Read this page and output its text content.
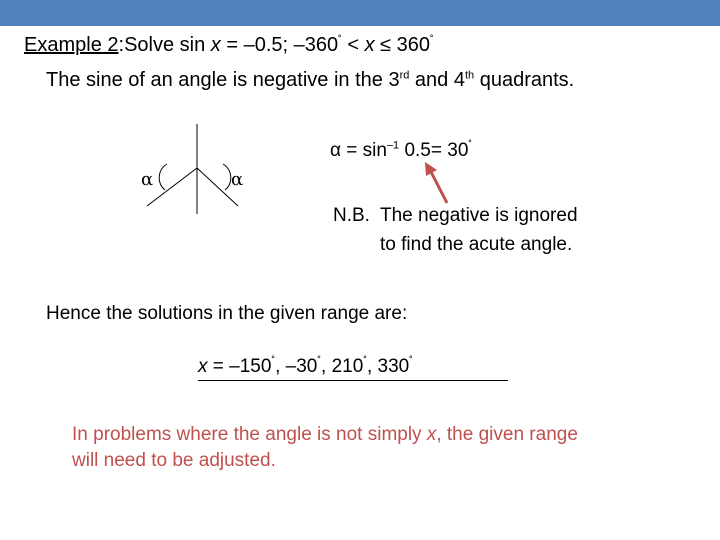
Example 2:Solve sin x = –0.5; –360˚ < x ≤ 360˚
The sine of an angle is negative in the 3rd and 4th quadrants.
α	α
$\alpha = \sin^{-1} 0.5= 30^˚$
N.B. The negative is ignored
to find the acute angle.
Hence the solutions in the given range are:
x = –150˚, –30˚, 210˚, 330˚
In problems where the angle is not simply x, the given range
will need to be adjusted.
